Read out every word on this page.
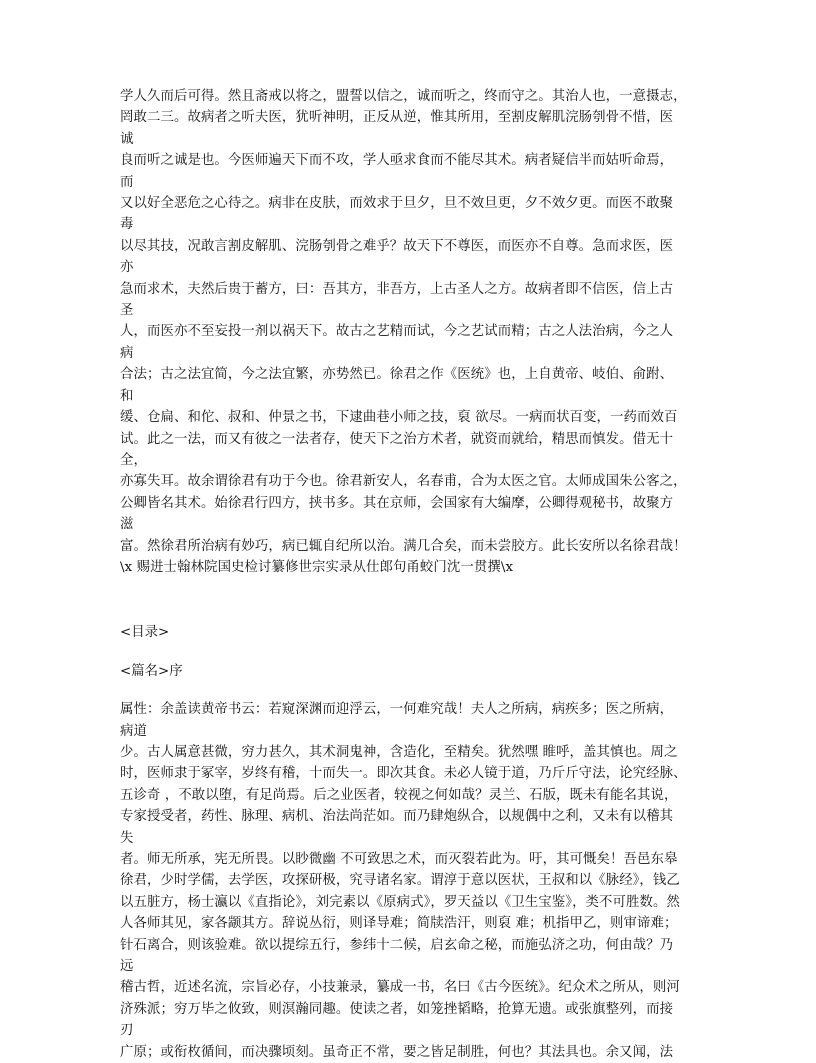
学人久而后可得。然且斋戒以将之，盟誓以信之，诚而听之，终而守之。其治人也，一意摄志，

罔敢二三。故病者之听夫医，犹听神明，正反从逆，惟其所用，至割皮解肌浣肠刳骨不惜，医

诚

良而听之诚是也。今医师遍天下而不攻，学人亟求食而不能尽其术。病者疑信半而姑听命焉，

而

又以好全恶危之心待之。病非在皮肤，而效求于旦夕，旦不效旦更，夕不效夕更。而医不敢聚

毒

以尽其技，况敢言割皮解肌、浣肠刳骨之难乎？故天下不尊医，而医亦不自尊。急而求医，医

亦

急而求术，夫然后贵于蓄方，曰：吾其方，非吾方，上古圣人之方。故病者即不信医，信上古

圣

人，而医亦不至妄投一剂以祸天下。故古之艺精而试，今之艺试而精；古之人法治病，今之人

病

合法；古之法宜简，今之法宜繁，亦势然已。徐君之作《医统》也，上自黄帝、岐伯、俞跗、

和

缓、仓扁、和佗、叔和、仲景之书，下逮曲巷小师之技，裒 欲尽。一病而状百变，一药而效百

试。此之一法，而又有彼之一法者存，使天下之治方术者，就资而就给，精思而慎发。借无十

全，

亦寡失耳。故余谓徐君有功于今也。徐君新安人，名春甫，合为太医之官。太师成国朱公客之，

公卿皆名其术。始徐君行四方，挟书多。其在京师，会国家有大编摩，公卿得观秘书，故聚方

滋

富。然徐君所治病有妙巧，病已辄自纪所以治。满几合矣，而未尝胶方。此长安所以名徐君哉！

\x 赐进士翰林院国史检讨纂修世宗实录从仕郎句甬蛟门沈一贯撰\x

<目录>

<篇名>序

属性：余盖读黄帝书云：若窥深渊而迎浮云，一何难究哉！夫人之所病，病疾多；医之所病，

病道

少。古人属意甚微，穷力甚久，其术洞鬼神，含造化，至精矣。犹然嘿 睢呼，盖其慎也。周之

时，医师隶于冢宰，岁终有稽，十而失一。即次其食。未必人镜于道，乃斤斤守法，论究经脉、

五诊奇 ，不敢以堕，有足尚焉。后之业医者，较视之何如哉？灵兰、石版，既未有能名其说，

专家授受者，药性、脉理、病机、治法尚茫如。而乃肆炮纵合，以规偶中之利，又未有以稽其

失

者。师无所承，宪无所畏。以眇微幽 不可致思之术，而灭裂若此为。吁，其可慨矣！吾邑东皋

徐君，少时学儒，去学医，攻探研极，究寻诸名家。谓淳于意以医状，王叔和以《脉经》，钱乙

以五脏方，杨士瀛以《直指论》，刘完素以《原病式》，罗天益以《卫生宝鉴》，类不可胜数。然

人各师其见，家各颛其方。辞说丛衍，则译导难；简牍浩汗，则裒 难；机指甲乙，则审谛难；

针石离合，则该验难。欲以提综五行，参纬十二候，启玄命之秘，而施弘济之功，何由哉？乃

远

稽古哲，近述名流，宗旨必存，小技兼录，纂成一书，名曰《古今医统》。纪众术之所从，则河

济殊派；穷万毕之攸致，则溟瀚同趣。使读之者，如笼挫韬略，抢算无遗。或张旗整列，而接

刃

广原；或衔枚循间，而决骤顷刻。虽奇正不常，要之皆足制胜，何也？其法具也。余又闻，法
